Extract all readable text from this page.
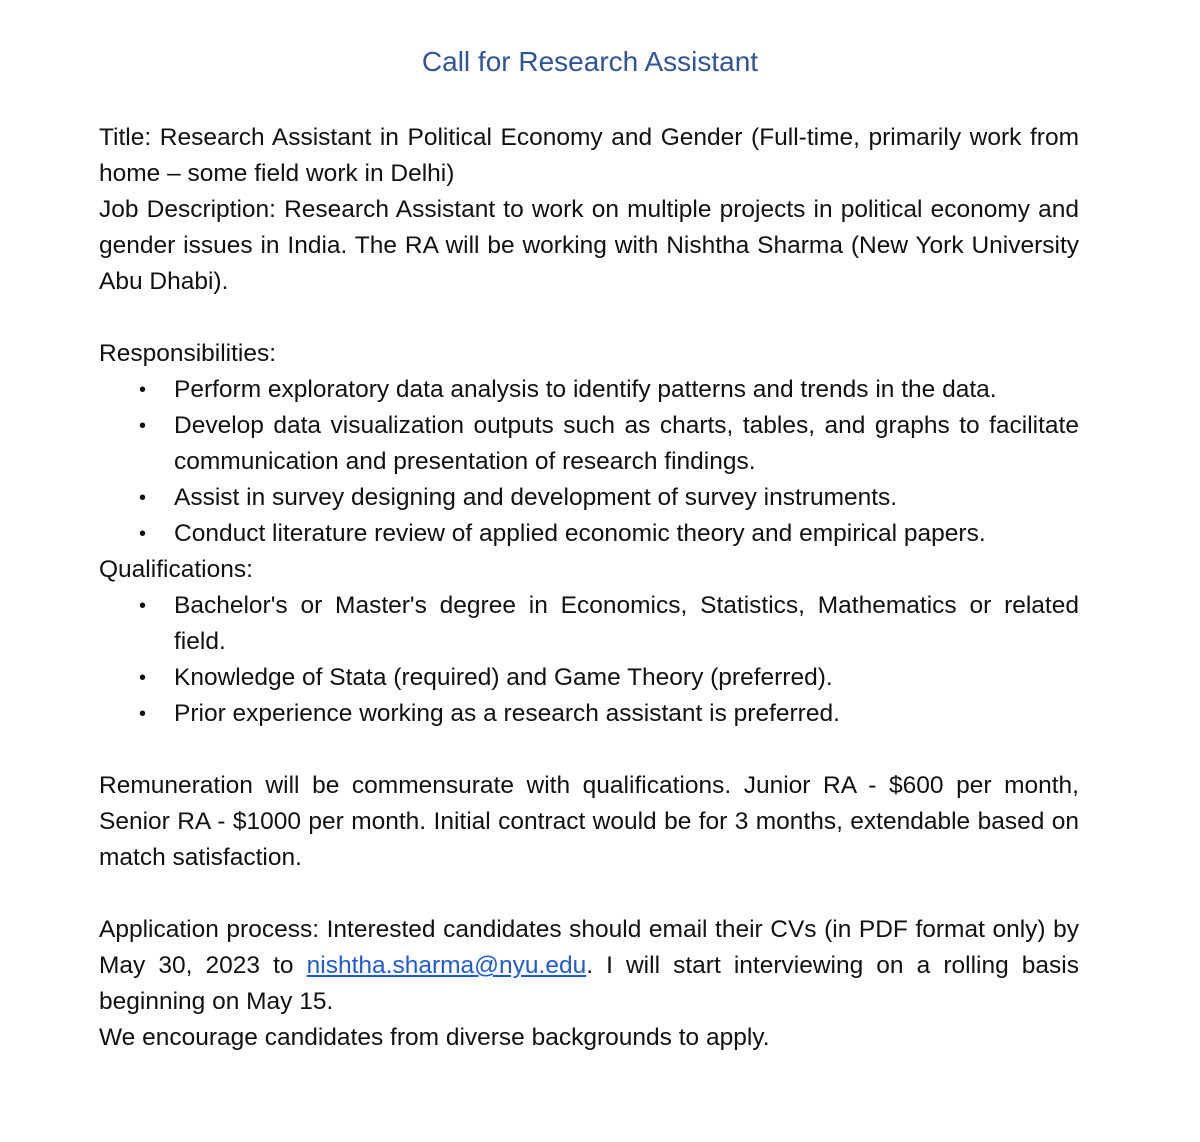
Call for Research Assistant

Title: Research Assistant in Political Economy and Gender (Full-time, primarily work from home – some field work in Delhi)

Job Description: Research Assistant to work on multiple projects in political economy and gender issues in India. The RA will be working with Nishtha Sharma (New York University Abu Dhabi).

Responsibilities:

• Perform exploratory data analysis to identify patterns and trends in the data.
• Develop data visualization outputs such as charts, tables, and graphs to facilitate communication and presentation of research findings.
• Assist in survey designing and development of survey instruments.
• Conduct literature review of applied economic theory and empirical papers.

Qualifications:

• Bachelor's or Master's degree in Economics, Statistics, Mathematics or related field.
• Knowledge of Stata (required) and Game Theory (preferred).
• Prior experience working as a research assistant is preferred.

Remuneration will be commensurate with qualifications. Junior RA - $600 per month, Senior RA - $1000 per month. Initial contract would be for 3 months, extendable based on match satisfaction.

Application process: Interested candidates should email their CVs (in PDF format only) by May 30, 2023 to nishtha.sharma@nyu.edu. I will start interviewing on a rolling basis beginning on May 15.

We encourage candidates from diverse backgrounds to apply.
